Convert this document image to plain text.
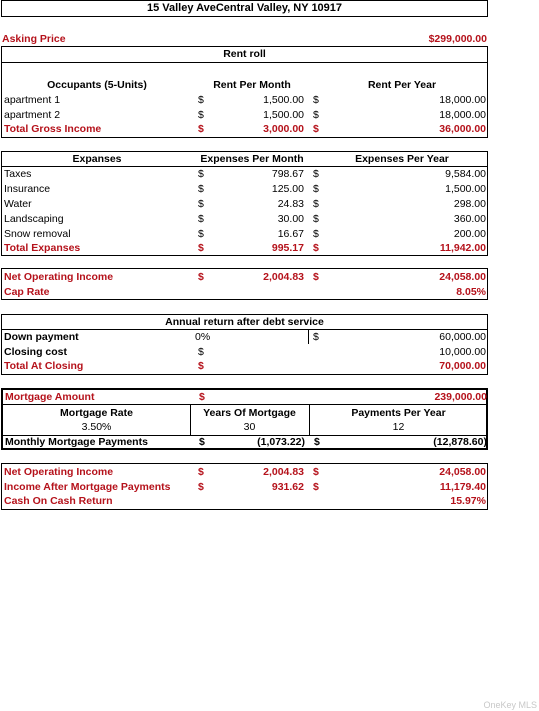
15 Valley AveCentral Valley, NY 10917
Asking Price	$299,000.00
Rent roll
Occupants (5-Units)	Rent Per Month	Rent Per Year
apartment 1	$	1,500.00 $	18,000.00
apartment 2	$	1,500.00 $	18,000.00
Total Gross Income	$	3,000.00 $	36,000.00
Expanses	Expenses Per Month	Expenses Per Year
Taxes	$	798.67 $	9,584.00
Insurance	$	125.00 $	1,500.00
Water	$	24.83 $	298.00
Landscaping	$	30.00 $	360.00
Snow removal	$	16.67 $	200.00
Total Expanses	$	995.17 $	11,942.00
Net Operating Income	$	2,004.83 $	24,058.00
Cap Rate	8.05%
Annual return after debt service
Down payment	0%	$	60,000.00
Closing cost	$	10,000.00
Total At Closing	$	70,000.00
Mortgage Amount	$	239,000.00
Mortgage Rate	Years Of Mortgage	Payments Per Year
3.50%	30	12
Monthly Mortgage Payments	$	(1,073.22) $	(12,878.60)
Net Operating Income	$	2,004.83 $	24,058.00
Income After Mortgage Payments	$	931.62 $	11,179.40
Cash On Cash Return	15.97%
OneKey MLS
